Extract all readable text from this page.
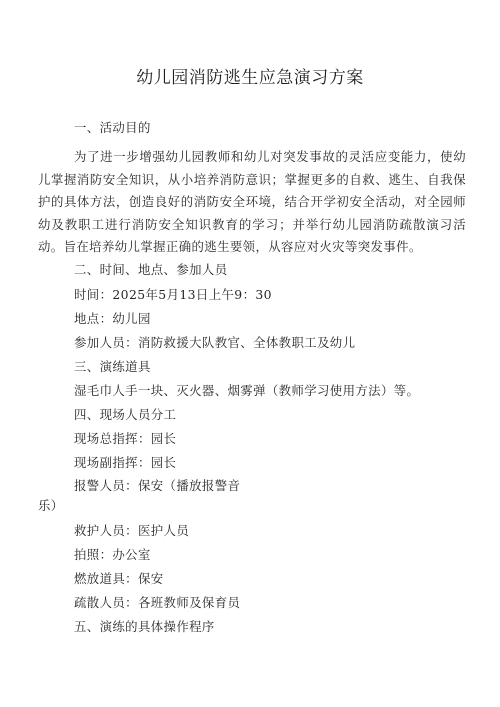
幼儿园消防逃生应急演习方案
一、活动目的
为了进一步增强幼儿园教师和幼儿对突发事故的灵活应变能力，使幼儿掌握消防安全知识，从小培养消防意识；掌握更多的自救、逃生、自我保护的具体方法，创造良好的消防安全环境，结合开学初安全活动，对全园师幼及教职工进行消防安全知识教育的学习；并举行幼儿园消防疏散演习活动。旨在培养幼儿掌握正确的逃生要领，从容应对火灾等突发事件。
二、时间、地点、参加人员
时间：2025年5月13日上午9：30
地点：幼儿园
参加人员：消防救援大队教官、全体教职工及幼儿
三、演练道具
湿毛巾人手一块、灭火器、烟雾弹（教师学习使用方法）等。
四、现场人员分工
现场总指挥：园长
现场副指挥：园长
报警人员：保安（播放报警音
乐）
救护人员：医护人员
拍照：办公室
燃放道具：保安
疏散人员：各班教师及保育员
五、演练的具体操作程序
